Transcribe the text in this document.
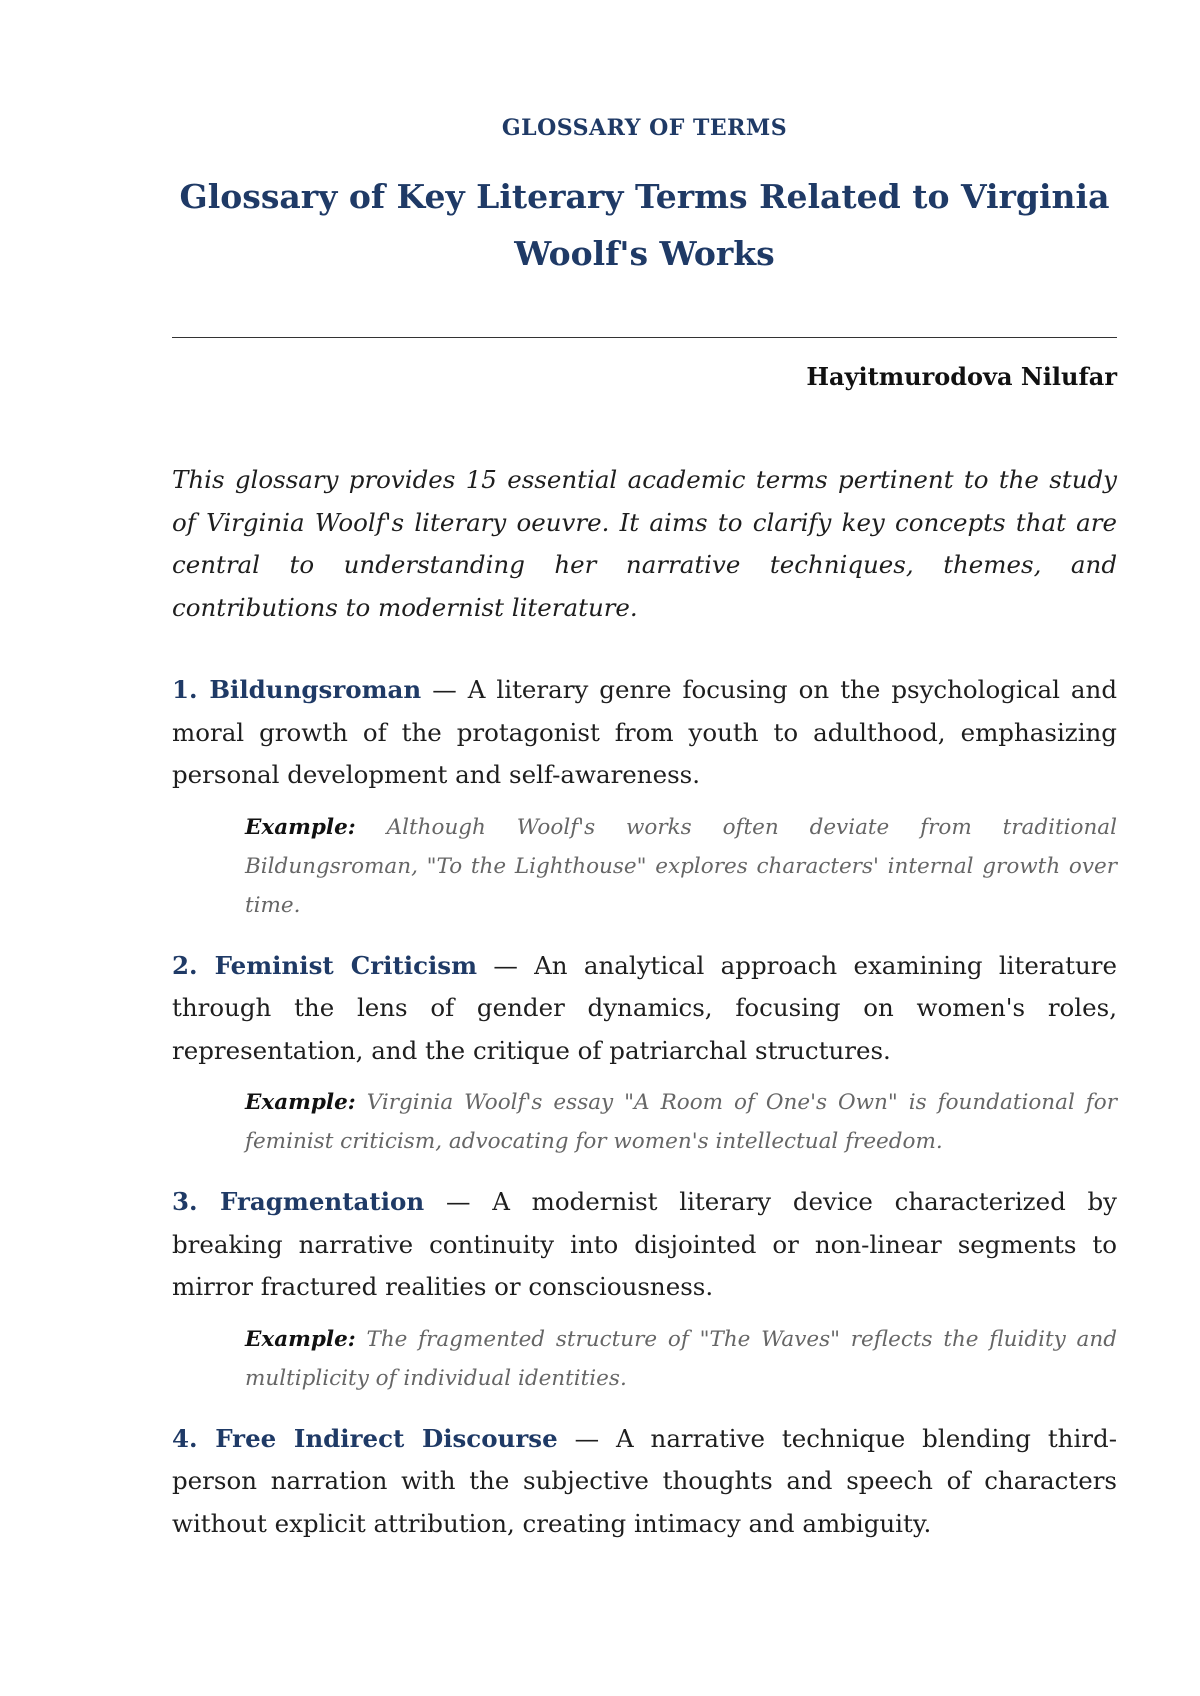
GLOSSARY OF TERMS

Glossary of Key Literary Terms Related to Virginia Woolf's Works

Hayitmurodova Nilufar

This glossary provides 15 essential academic terms pertinent to the study of Virginia Woolf's literary oeuvre. It aims to clarify key concepts that are central to understanding her narrative techniques, themes, and contributions to modernist literature.

1. Bildungsroman — A literary genre focusing on the psychological and moral growth of the protagonist from youth to adulthood, emphasizing personal development and self-awareness.

Example: Although Woolf's works often deviate from traditional Bildungsroman, "To the Lighthouse" explores characters' internal growth over time.

2. Feminist Criticism — An analytical approach examining literature through the lens of gender dynamics, focusing on women's roles, representation, and the critique of patriarchal structures.

Example: Virginia Woolf's essay "A Room of One's Own" is foundational for feminist criticism, advocating for women's intellectual freedom.

3. Fragmentation — A modernist literary device characterized by breaking narrative continuity into disjointed or non-linear segments to mirror fractured realities or consciousness.

Example: The fragmented structure of "The Waves" reflects the fluidity and multiplicity of individual identities.

4. Free Indirect Discourse — A narrative technique blending third-person narration with the subjective thoughts and speech of characters without explicit attribution, creating intimacy and ambiguity.
